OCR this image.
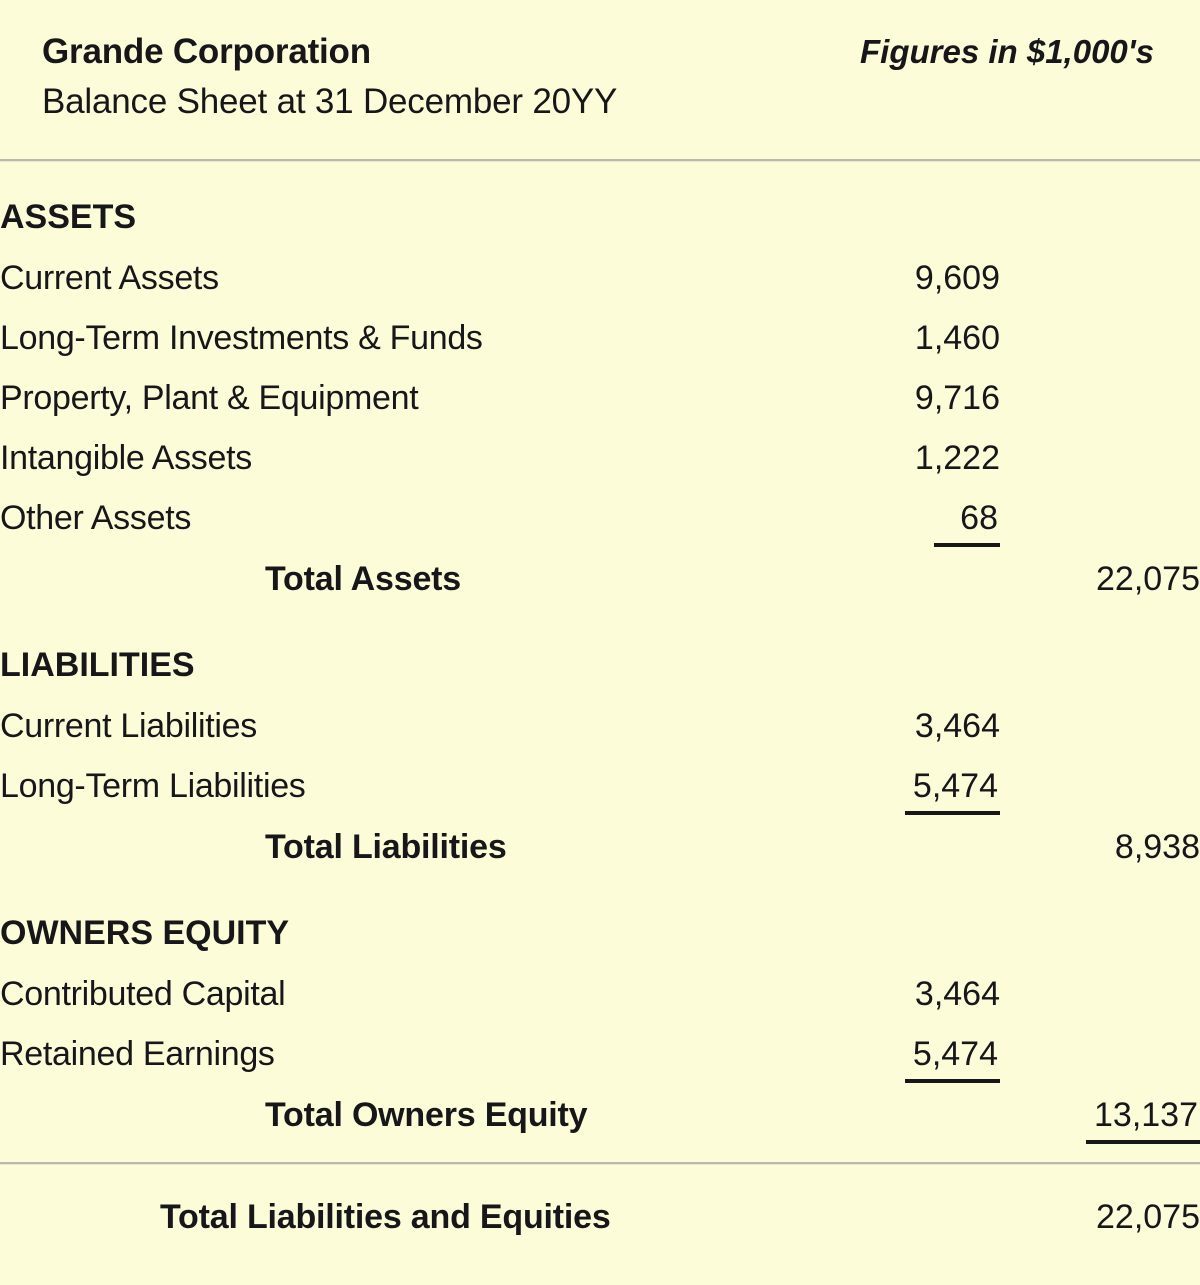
Grande Corporation	Figures in $1,000's
Balance Sheet at 31 December 20YY
ASSETS		
Current Assets	9,609	
Long-Term Investments & Funds	1,460	
Property, Plant & Equipment	9,716	
Intangible Assets	1,222	
Other Assets	68	
Total Assets		22,075

LIABILITIES		
Current Liabilities	3,464	
Long-Term Liabilities	5,474	
Total Liabilities		8,938

OWNERS EQUITY		
Contributed Capital	3,464	
Retained Earnings	5,474	
Total Owners Equity		13,137
Total Liabilities and Equities		22,075
